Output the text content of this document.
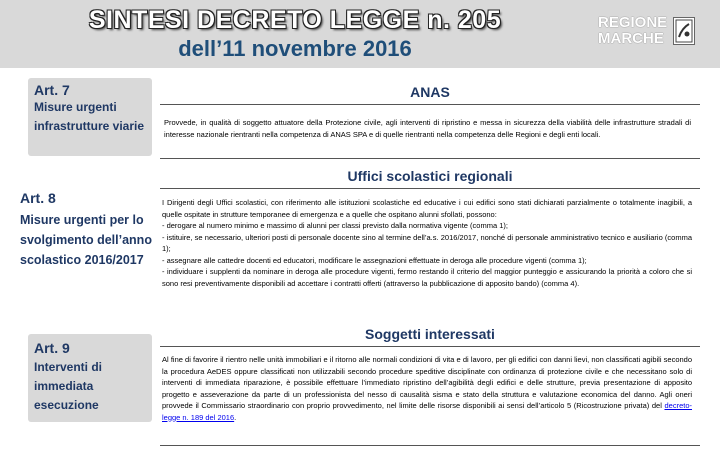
SINTESI DECRETO LEGGE n. 205
dell’11 novembre 2016
REGIONE
MARCHE
Art. 7
Misure urgenti infrastrutture viarie
ANAS
Provvede, in qualità di soggetto attuatore della Protezione civile, agli interventi di ripristino e messa in sicurezza della viabilità delle infrastrutture stradali di interesse nazionale rientranti nella competenza di ANAS SPA e di quelle rientranti nella competenza delle Regioni e degli enti locali.
Art. 8
Misure urgenti per lo svolgimento dell’anno scolastico 2016/2017
Uffici scolastici regionali

I Dirigenti degli Uffici scolastici, con riferimento alle istituzioni scolastiche ed educative i cui edifici sono stati dichiarati parzialmente o totalmente inagibili, a quelle ospitate in strutture temporanee di emergenza e a quelle che ospitano alunni sfollati, possono:

- derogare al numero minimo e massimo di alunni per classi previsto dalla normativa vigente (comma 1);

- istituire, se necessario, ulteriori posti di personale docente sino al termine dell’a.s. 2016/2017, nonché di personale amministrativo tecnico e ausiliario (comma 1);

- assegnare alle cattedre docenti ed educatori, modificare le assegnazioni effettuate in deroga alle procedure vigenti (comma 1);

- individuare i supplenti da nominare in deroga alle procedure vigenti, fermo restando il criterio del maggior punteggio e assicurando la priorità a coloro che si sono resi preventivamente disponibili ad accettare i contratti offerti (attraverso la pubblicazione di apposito bando) (comma 4).

Art. 9
Interventi di immediata esecuzione
Soggetti interessati
Al fine di favorire il rientro nelle unità immobiliari e il ritorno alle normali condizioni di vita e di lavoro, per gli edifici con danni lievi, non classificati agibili secondo la procedura AeDES oppure classificati non utilizzabili secondo procedure speditive disciplinate con ordinanza di protezione civile e che necessitano solo di interventi di immediata riparazione, è possibile effettuare l’immediato ripristino dell’agibilità degli edifici e delle strutture, previa presentazione di apposito progetto e asseverazione da parte di un professionista del nesso di causalità sisma e stato della struttura e valutazione economica del danno. Agli oneri provvede il Commissario straordinario con proprio provvedimento, nel limite delle risorse disponibili ai sensi dell’articolo 5 (Ricostruzione privata) del decreto-legge n. 189 del 2016.
